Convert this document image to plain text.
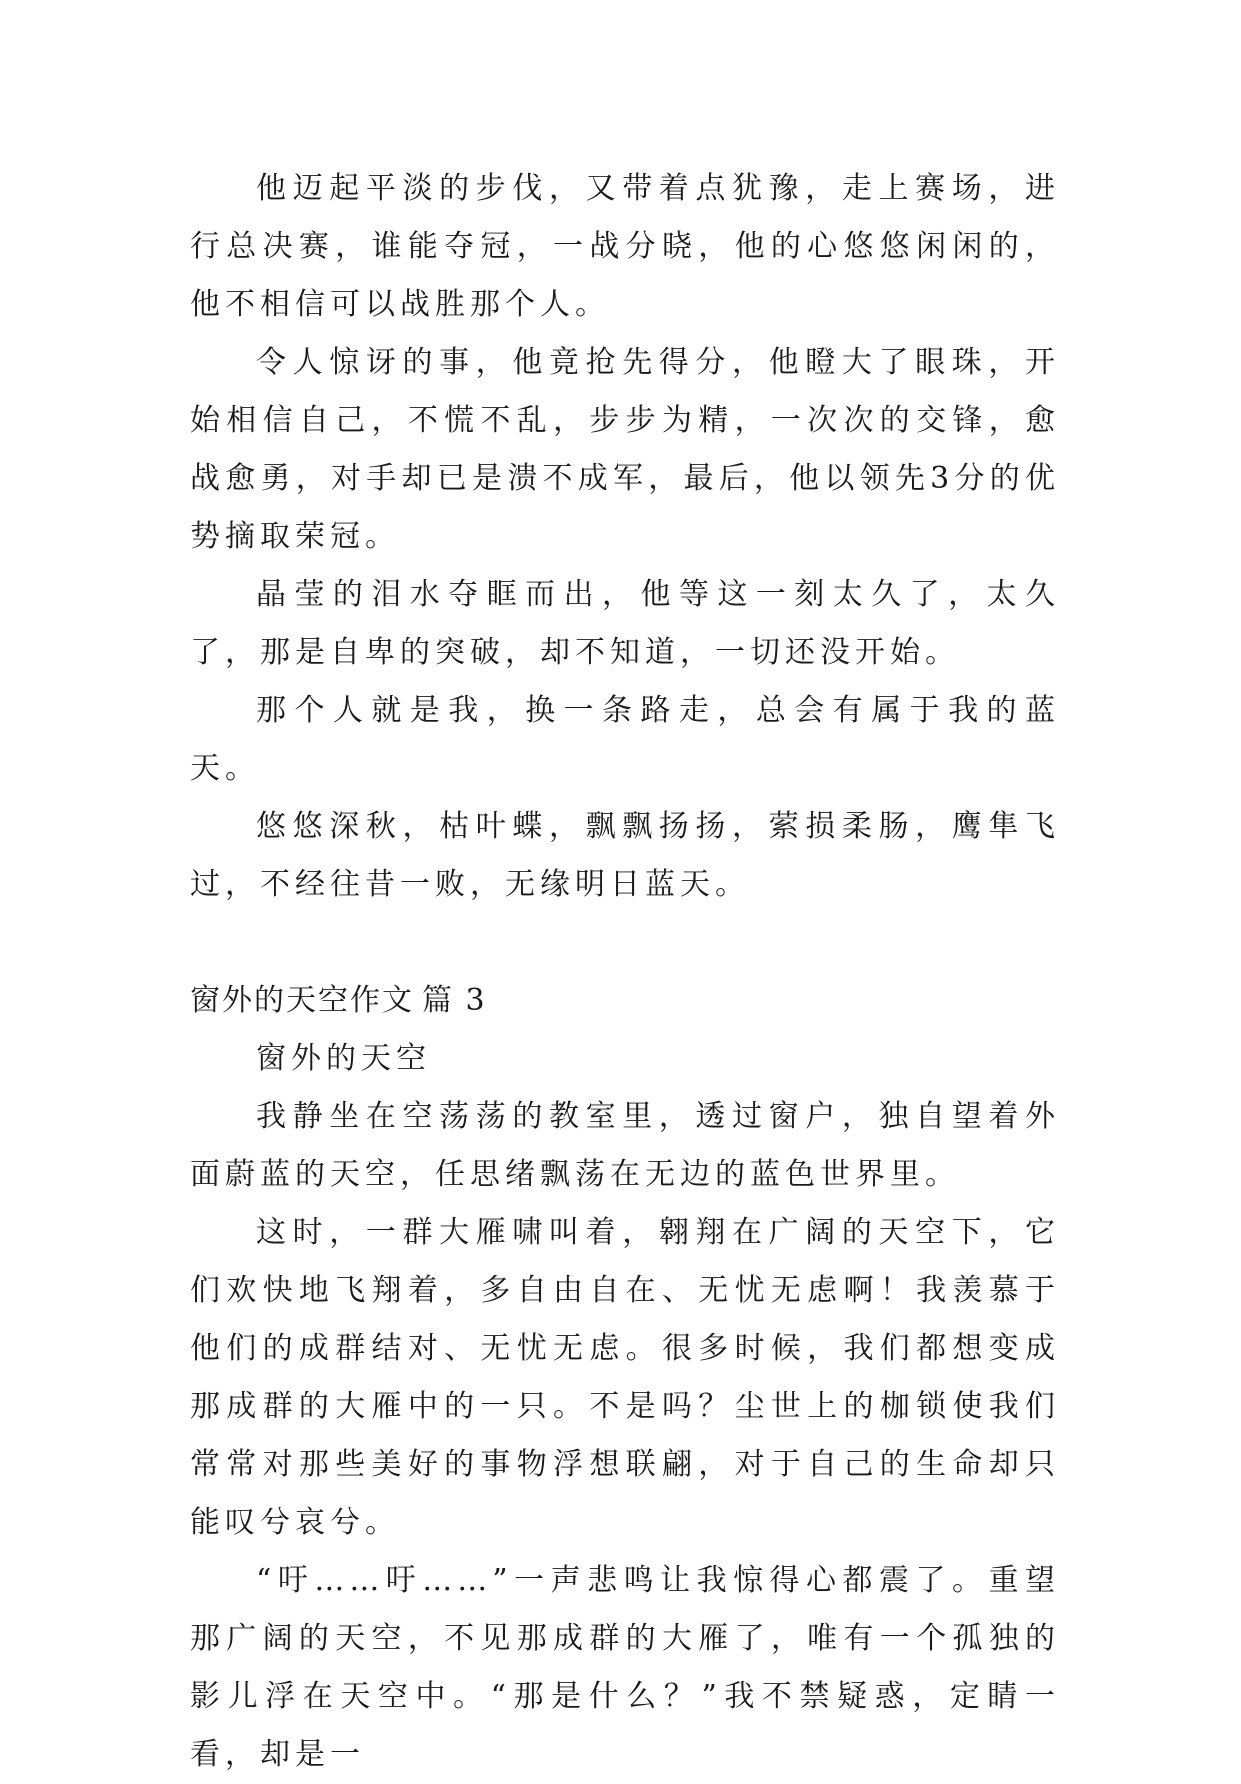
他迈起平淡的步伐，又带着点犹豫，走上赛场，进行总决赛，谁能夺冠，一战分晓，他的心悠悠闲闲的，他不相信可以战胜那个人。

令人惊讶的事，他竟抢先得分，他瞪大了眼珠，开始相信自己，不慌不乱，步步为精，一次次的交锋，愈战愈勇，对手却已是溃不成军，最后，他以领先3分的优势摘取荣冠。

晶莹的泪水夺眶而出，他等这一刻太久了，太久了，那是自卑的突破，却不知道，一切还没开始。

那个人就是我，换一条路走，总会有属于我的蓝天。

悠悠深秋，枯叶蝶，飘飘扬扬，萦损柔肠，鹰隼飞过，不经往昔一败，无缘明日蓝天。

窗外的天空作文 篇 3

窗外的天空

我静坐在空荡荡的教室里，透过窗户，独自望着外面蔚蓝的天空，任思绪飘荡在无边的蓝色世界里。

这时，一群大雁啸叫着，翱翔在广阔的天空下，它们欢快地飞翔着，多自由自在、无忧无虑啊！我羡慕于他们的成群结对、无忧无虑。很多时候，我们都想变成那成群的大雁中的一只。不是吗？尘世上的枷锁使我们常常对那些美好的事物浮想联翩，对于自己的生命却只能叹兮哀兮。

“吁……吁……”一声悲鸣让我惊得心都震了。重望那广阔的天空，不见那成群的大雁了，唯有一个孤独的影儿浮在天空中。“那是什么？”我不禁疑惑，定睛一看，却是一
